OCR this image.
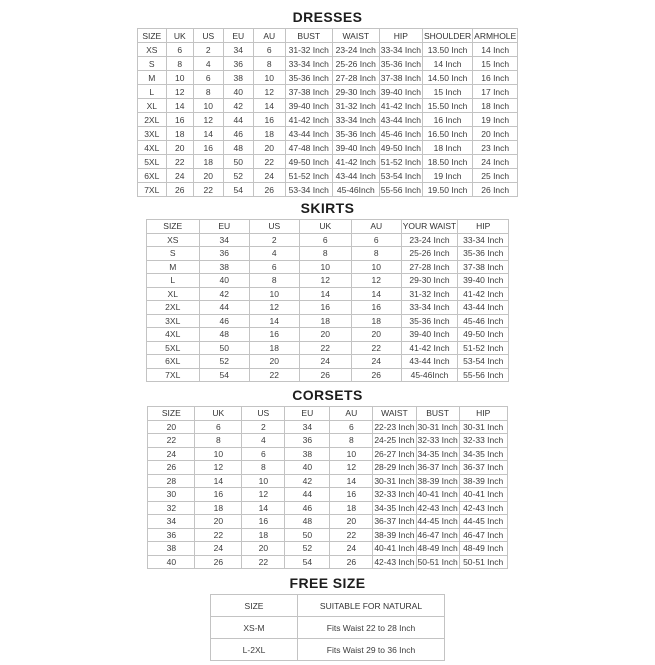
DRESSES
SIZE	UK	US	EU	AU	BUST	WAIST	HIP	SHOULDER	ARMHOLE
XS	6	2	34	6	31-32 Inch	23-24 Inch	33-34 Inch	13.50 Inch	14 Inch
S	8	4	36	8	33-34 Inch	25-26 Inch	35-36 Inch	14 Inch	15 Inch
M	10	6	38	10	35-36 Inch	27-28 Inch	37-38 Inch	14.50 Inch	16 Inch
L	12	8	40	12	37-38 Inch	29-30 Inch	39-40 Inch	15 Inch	17 Inch
XL	14	10	42	14	39-40 Inch	31-32 Inch	41-42 Inch	15.50 Inch	18 Inch
2XL	16	12	44	16	41-42 Inch	33-34 Inch	43-44 Inch	16 Inch	19 Inch
3XL	18	14	46	18	43-44 Inch	35-36 Inch	45-46 Inch	16.50 Inch	20 Inch
4XL	20	16	48	20	47-48 Inch	39-40 Inch	49-50 Inch	18 Inch	23 Inch
5XL	22	18	50	22	49-50 Inch	41-42 Inch	51-52 Inch	18.50 Inch	24 Inch
6XL	24	20	52	24	51-52 Inch	43-44 Inch	53-54 Inch	19 Inch	25 Inch
7XL	26	22	54	26	53-34 Inch	45-46Inch	55-56 Inch	19.50 Inch	26 Inch
SKIRTS
SIZE	EU	US	UK	AU	YOUR WAIST	HIP
XS	34	2	6	6	23-24 Inch	33-34 Inch
S	36	4	8	8	25-26 Inch	35-36 Inch
M	38	6	10	10	27-28 Inch	37-38 Inch
L	40	8	12	12	29-30 Inch	39-40 Inch
XL	42	10	14	14	31-32 Inch	41-42 Inch
2XL	44	12	16	16	33-34 Inch	43-44 Inch
3XL	46	14	18	18	35-36 Inch	45-46 Inch
4XL	48	16	20	20	39-40 Inch	49-50 Inch
5XL	50	18	22	22	41-42 Inch	51-52 Inch
6XL	52	20	24	24	43-44 Inch	53-54 Inch
7XL	54	22	26	26	45-46Inch	55-56 Inch
CORSETS
SIZE	UK	US	EU	AU	WAIST	BUST	HIP
20	6	2	34	6	22-23 Inch	30-31 Inch	30-31 Inch
22	8	4	36	8	24-25 Inch	32-33 Inch	32-33 Inch
24	10	6	38	10	26-27 Inch	34-35 Inch	34-35 Inch
26	12	8	40	12	28-29 Inch	36-37 Inch	36-37 Inch
28	14	10	42	14	30-31 Inch	38-39 Inch	38-39 Inch
30	16	12	44	16	32-33 Inch	40-41 Inch	40-41 Inch
32	18	14	46	18	34-35 Inch	42-43 Inch	42-43 Inch
34	20	16	48	20	36-37 Inch	44-45 Inch	44-45 Inch
36	22	18	50	22	38-39 Inch	46-47 Inch	46-47 Inch
38	24	20	52	24	40-41 Inch	48-49 Inch	48-49 Inch
40	26	22	54	26	42-43 Inch	50-51 Inch	50-51 Inch
FREE SIZE
SIZE	SUITABLE FOR NATURAL
XS-M	Fits Waist 22 to 28 Inch
L-2XL	Fits Waist 29 to 36 Inch
